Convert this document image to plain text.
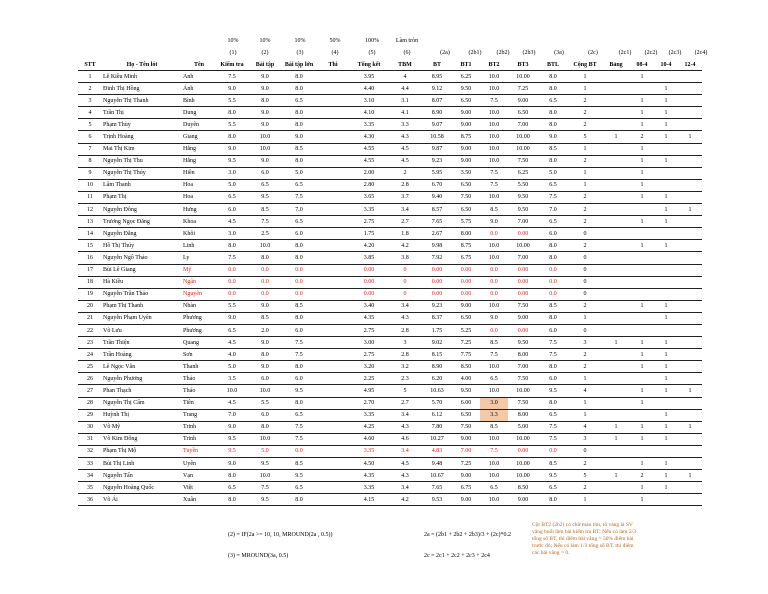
10%	10%	10%	50%	100%	Làm tròn
(1)	(2)	(3)	(4)	(5)	(6)	(2a)	(2b1)	(2b2)	(2b3)	(3a)	(2c)	(2c1)	(2c2)	(2c3)	(2c4)
STT	Họ - Tên lót	Tên	Kiểm tra	Bài tập	Bài tập lớn	Thi	Tổng kết	TBM	BT	BT1	BT2	BT3	BTL	Cộng BT	Bảng	08-4	10-4	12-4
1	Lê Kiều Minh	Anh	7.5	9.0	8.0		3.95	4	8.95	6.25	10.0	10.00	8.0	1		1		
2	Đinh Thị Hồng	Ánh	9.0	9.0	8.0		4.40	4.4	9.12	9.50	10.0	7.25	8.0	1			1	
3	Nguyễn Thị Thanh	Bình	5.5	8.0	6.5		3.10	3.1	8.07	6.50	7.5	9.00	6.5	2		1	1	
4	Trần Thị	Dung	8.0	9.0	8.0		4.10	4.1	8.90	9.00	10.0	6.50	8.0	2		1	1	
5	Phạm Thùy	Duyên	5.5	9.0	8.0		3.35	3.3	9.07	9.00	10.0	7.00	8.0	2		1	1	
6	Trịnh Hoàng	Giang	8.0	10.0	9.0		4.30	4.3	10.58	8.75	10.0	10.00	9.0	5	1	2	1	1
7	Mai Thị Kim	Hằng	9.0	10.0	8.5		4.55	4.5	9.87	9.00	10.0	10.00	8.5	1		1		
8	Nguyễn Thị Thu	Hằng	9.5	9.0	8.0		4.55	4.5	9.23	9.00	10.0	7.50	8.0	2		1	1	
9	Nguyễn Thị Thúy	Hiền	3.0	6.0	5.0		2.00	2	5.95	3.50	7.5	6.25	5.0	1		1		
10	Lâm Thanh	Hoa	5.0	6.5	6.5		2.80	2.8	6.70	6.50	7.5	5.50	6.5	1		1		
11	Phạm Thị	Hoa	6.5	9.5	7.5		3.65	3.7	9.40	7.50	10.0	9.50	7.5	2		1	1	
12	Nguyễn Đông	Hưng	6.0	8.5	7.0		3.35	3.4	8.57	6.50	8.5	9.50	7.0	2			1	1
13	Trương Ngọc Đăng	Khoa	4.5	7.5	6.5		2.75	2.7	7.65	5.75	9.0	7.00	6.5	2		1	1	
14	Nguyễn Đăng	Khôi	3.0	2.5	6.0		1.75	1.8	2.67	8.00	0.0	0.00	6.0	0				
15	Hồ Thị Thúy	Linh	8.0	10.0	8.0		4.20	4.2	9.98	8.75	10.0	10.00	8.0	2		1	1	
16	Nguyễn Ngô Thảo	Ly	7.5	8.0	8.0		3.85	3.8	7.92	6.75	10.0	7.00	8.0	0				
17	Bùi Lê Giang	Mỹ	0.0	0.0	0.0		0.00	0	0.00	0.00	0.0	0.00	0.0	0				
18	Hà Kiều	Ngân	0.0	0.0	0.0		0.00	0	0.00	0.00	0.0	0.00	0.0	0				
19	Nguyễn Trần Thảo	Nguyên	0.0	0.0	0.0		0.00	0	0.00	0.00	0.0	0.00	0.0	0				
20	Phạm Thị Thanh	Nhàn	5.5	9.0	8.5		3.40	3.4	9.23	9.00	10.0	7.50	8.5	2		1	1	
21	Nguyễn Phạm Uyên	Phương	9.0	8.5	8.0		4.35	4.3	8.37	6.50	9.0	9.00	8.0	1			1	
22	Võ Lưu	Phương	6.5	2.0	6.0		2.75	2.8	1.75	5.25	0.0	0.00	6.0	0				
23	Trần Thiện	Quang	4.5	9.0	7.5		3.00	3	9.02	7.25	8.5	9.50	7.5	3	1	1	1	
24	Trần Hoàng	Sơn	4.0	8.0	7.5		2.75	2.8	8.15	7.75	7.5	8.00	7.5	2		1	1	
25	Lê Ngọc Vân	Thanh	5.0	9.0	8.0		3.20	3.2	8.90	8.50	10.0	7.00	8.0	2		1	1	
26	Nguyễn Phương	Thảo	3.5	6.0	6.0		2.25	2.3	6.20	4.00	6.5	7.50	6.0	1			1	
27	Phan Thạch	Thảo	10.0	10.0	9.5		4.95	5	10.63	9.50	10.0	10.00	9.5	4		1	1	1
28	Nguyễn Thị Cẩm	Tiên	4.5	5.5	8.0		2.70	2.7	5.70	6.00	3.0	7.50	8.0	1		1		
29	Huỳnh Thị	Trang	7.0	6.0	6.5		3.35	3.4	6.12	6.50	3.3	8.00	6.5	1			1	
30	Võ Mỹ	Trinh	9.0	8.0	7.5		4.25	4.3	7.80	7.50	8.5	5.00	7.5	4	1	1	1	1
31	Võ Kim Đông	Trinh	9.5	10.0	7.5		4.60	4.6	10.27	9.00	10.0	10.00	7.5	3	1	1	1	
32	Phạm Thị Mộ	Tuyền	9.5	5.0	0.0		3.35	3.4	4.83	7.00	7.5	0.00	0.0	0				
33	Bùi Thị Linh	Uyên	9.0	9.5	8.5		4.50	4.5	9.48	7.25	10.0	10.00	8.5	2		1	1	
34	Nguyễn Tấn	Vạn	8.0	10.0	9.5		4.35	4.3	10.67	9.00	10.0	10.00	9.5	5	1	2	1	1
35	Nguyễn Hoàng Quốc	Việt	6.5	7.5	6.5		3.35	3.4	7.65	6.75	6.5	8.50	6.5	2		1	1	
36	Võ Ái	Xuân	8.0	9.5	8.0		4.15	4.2	9.53	9.00	10.0	9.00	8.0	1		1		
(2) = IF(2a >= 10, 10, MROUND(2a , 0.5))
(3) = MROUND(3a, 0.5)
2a = (2b1 + 2b2 + 2b3)/3 + (2c)*0.2
2c = 2c1 + 2c2 + 2c3 + 2c4
Cột BT2 (2b2) có chữ màu tím, tô vàng là SV vắng buổi làm bài kiểm tra BT; Nếu có làm 2/3 tổng số BT, thì điểm bài vắng = 50% điểm bài trước đó; Nếu có làm 1/3 tổng số BT, thì điểm các bài vắng = 0.
